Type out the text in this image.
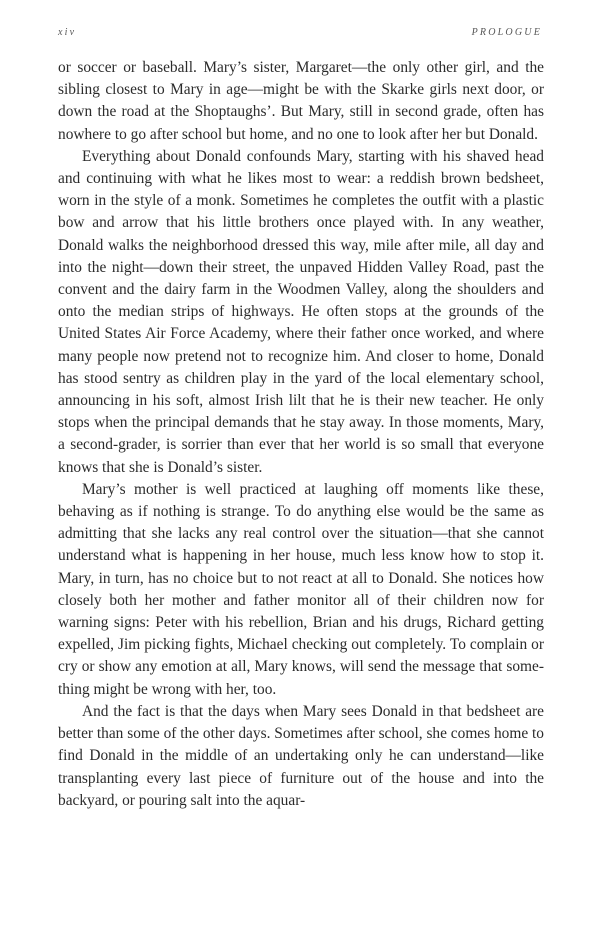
xiv	PROLOGUE

or soccer or baseball. Mary’s sister, Margaret—the only other girl, and the sibling closest to Mary in age—might be with the Skarke girls next door, or down the road at the Shoptaughs’. But Mary, still in second grade, often has nowhere to go after school but home, and no one to look after her but Donald.

Everything about Donald confounds Mary, starting with his shaved head and continuing with what he likes most to wear: a reddish brown bedsheet, worn in the style of a monk. Sometimes he completes the outfit with a plastic bow and arrow that his little brothers once played with. In any weather, Donald walks the neighborhood dressed this way, mile after mile, all day and into the night—down their street, the unpaved Hidden Valley Road, past the convent and the dairy farm in the Woodmen Valley, along the shoulders and onto the median strips of highways. He often stops at the grounds of the United States Air Force Academy, where their father once worked, and where many people now pretend not to recognize him. And closer to home, Donald has stood sentry as children play in the yard of the local elementary school, announcing in his soft, almost Irish lilt that he is their new teacher. He only stops when the principal demands that he stay away. In those moments, Mary, a second-grader, is sorrier than ever that her world is so small that everyone knows that she is Donald’s sister.

Mary’s mother is well practiced at laughing off moments like these, behaving as if nothing is strange. To do anything else would be the same as admitting that she lacks any real control over the situation—that she cannot understand what is happening in her house, much less know how to stop it. Mary, in turn, has no choice but to not react at all to Donald. She notices how closely both her mother and father monitor all of their children now for warning signs: Peter with his rebellion, Brian and his drugs, Richard getting expelled, Jim picking fights, Michael checking out completely. To complain or cry or show any emotion at all, Mary knows, will send the message that something might be wrong with her, too.

And the fact is that the days when Mary sees Donald in that bedsheet are better than some of the other days. Sometimes after school, she comes home to find Donald in the middle of an undertaking only he can understand—like transplanting every last piece of furniture out of the house and into the backyard, or pouring salt into the aquar-
